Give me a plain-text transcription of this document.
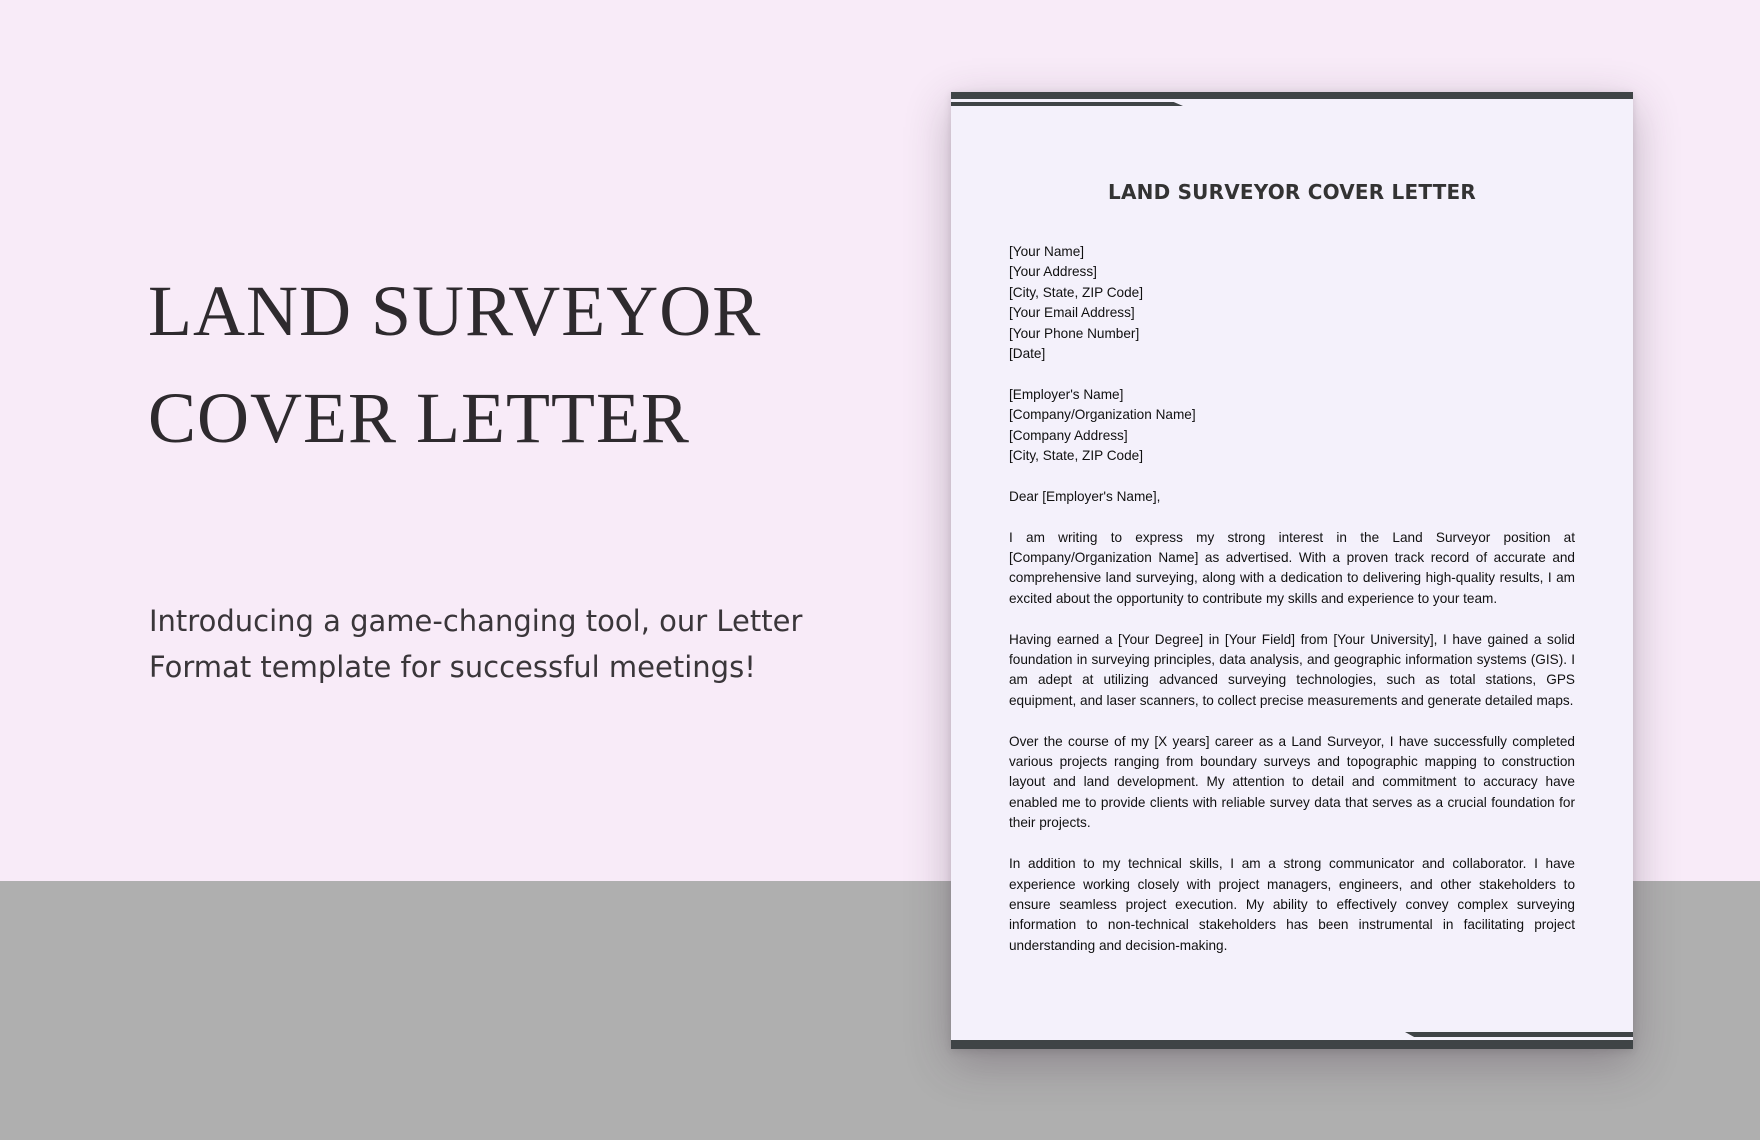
LAND SURVEYOR
COVER LETTER

Introducing a game-changing tool, our Letter Format template for successful meetings!

LAND SURVEYOR COVER LETTER
[Your Name]
[Your Address]
[City, State, ZIP Code]
[Your Email Address]
[Your Phone Number]
[Date]
[Employer's Name]
[Company/Organization Name]
[Company Address]
[City, State, ZIP Code]
Dear [Employer's Name],

I am writing to express my strong interest in the Land Surveyor position at [Company/Organization Name] as advertised. With a proven track record of accurate and comprehensive land surveying, along with a dedication to delivering high-quality results, I am excited about the opportunity to contribute my skills and experience to your team.

Having earned a [Your Degree] in [Your Field] from [Your University], I have gained a solid foundation in surveying principles, data analysis, and geographic information systems (GIS). I am adept at utilizing advanced surveying technologies, such as total stations, GPS equipment, and laser scanners, to collect precise measurements and generate detailed maps.

Over the course of my [X years] career as a Land Surveyor, I have successfully completed various projects ranging from boundary surveys and topographic mapping to construction layout and land development. My attention to detail and commitment to accuracy have enabled me to provide clients with reliable survey data that serves as a crucial foundation for their projects.

In addition to my technical skills, I am a strong communicator and collaborator. I have experience working closely with project managers, engineers, and other stakeholders to ensure seamless project execution. My ability to effectively convey complex surveying information to non-technical stakeholders has been instrumental in facilitating project understanding and decision-making.
